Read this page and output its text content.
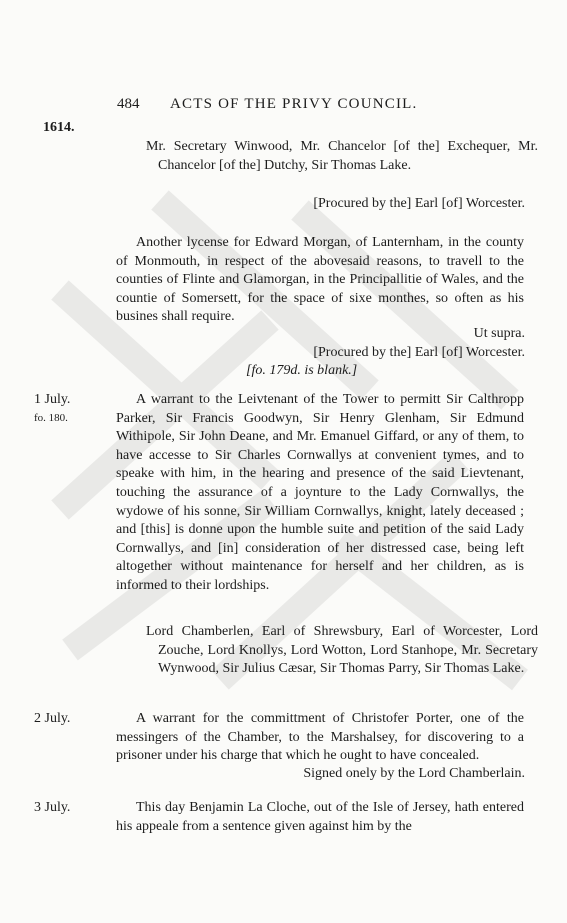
484 ACTS OF THE PRIVY COUNCIL.
1614.
Mr. Secretary Winwood, Mr. Chancelor [of the] Exchequer, Mr. Chancelor [of the] Dutchy, Sir Thomas Lake.
[Procured by the] Earl [of] Worcester.
Another lycense for Edward Morgan, of Lanternham, in the county of Monmouth, in respect of the abovesaid reasons, to travell to the counties of Flinte and Glamorgan, in the Principallitie of Wales, and the countie of Somersett, for the space of sixe monthes, so often as his busines shall require.
Ut supra.
[Procured by the] Earl [of] Worcester.
[fo. 179d. is blank.]
1 July.
fo. 180.
A warrant to the Leivtenant of the Tower to permitt Sir Calthropp Parker, Sir Francis Goodwyn, Sir Henry Glenham, Sir Edmund Withipole, Sir John Deane, and Mr. Emanuel Giffard, or any of them, to have accesse to Sir Charles Cornwallys at convenient tymes, and to speake with him, in the hearing and presence of the said Lievtenant, touching the assurance of a joynture to the Lady Cornwallys, the wydowe of his sonne, Sir William Cornwallys, knight, lately deceased ; and [this] is donne upon the humble suite and petition of the said Lady Cornwallys, and [in] consideration of her distressed case, being left altogether without maintenance for herself and her children, as is informed to their lordships.
Lord Chamberlen, Earl of Shrewsbury, Earl of Worcester, Lord Zouche, Lord Knollys, Lord Wotton, Lord Stanhope, Mr. Secretary Wynwood, Sir Julius Cæsar, Sir Thomas Parry, Sir Thomas Lake.
2 July.	A warrant for the committment of Christofer Porter, one of the messingers of the Chamber, to the Marshalsey, for discovering to a prisoner under his charge that which he ought to have concealed.
Signed onely by the Lord Chamberlain.
3 July.	This day Benjamin La Cloche, out of the Isle of Jersey, hath entered his appeale from a sentence given against him by the
